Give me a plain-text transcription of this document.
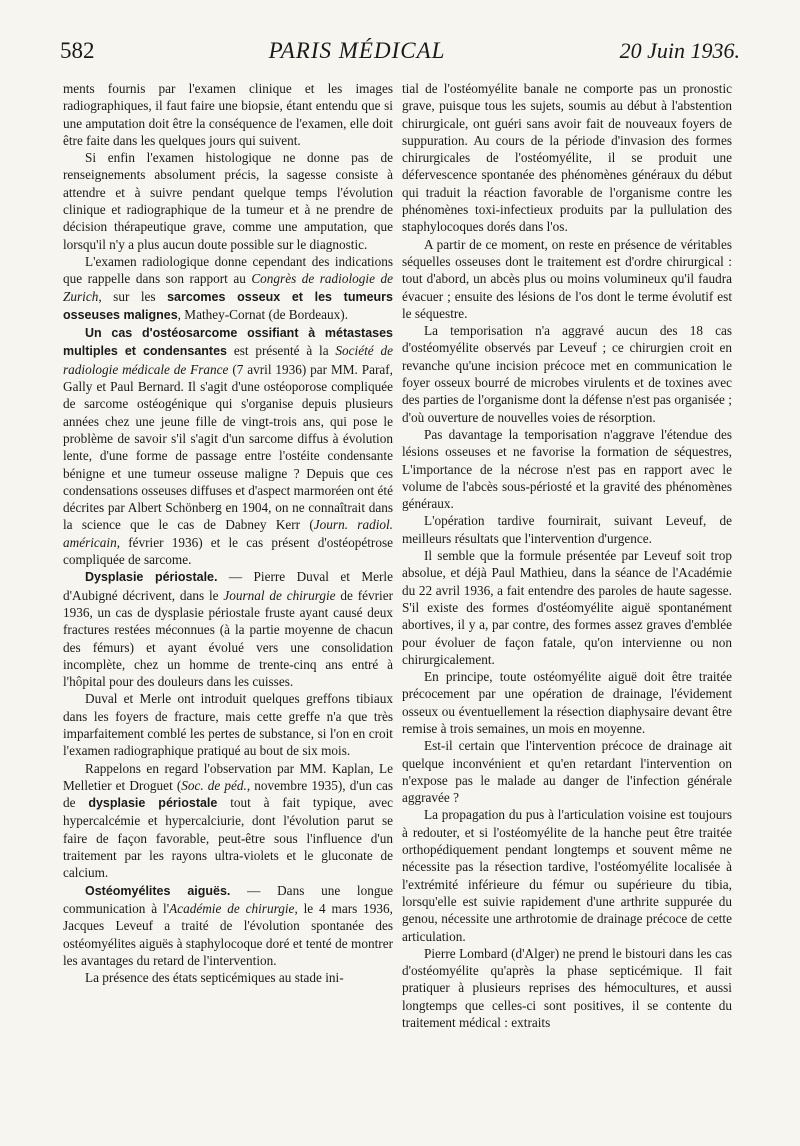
582	PARIS MÉDICAL	20 Juin 1936.

ments fournis par l'examen clinique et les images radiographiques, il faut faire une biopsie, étant entendu que si une amputation doit être la conséquence de l'examen, elle doit être faite dans les quelques jours qui suivent.

Si enfin l'examen histologique ne donne pas de renseignements absolument précis, la sagesse consiste à attendre et à suivre pendant quelque temps l'évolution clinique et radiographique de la tumeur et à ne prendre de décision thérapeutique grave, comme une amputation, que lorsqu'il n'y a plus aucun doute possible sur le diagnostic.

L'examen radiologique donne cependant des indications que rappelle dans son rapport au Congrès de radiologie de Zurich, sur les sarcomes osseux et les tumeurs osseuses malignes, Mathey-Cornat (de Bordeaux).

Un cas d'ostéosarcome ossifiant à métastases multiples et condensantes est présenté à la Société de radiologie médicale de France (7 avril 1936) par MM. Paraf, Gally et Paul Bernard. Il s'agit d'une ostéoporose compliquée de sarcome ostéogénique qui s'organise depuis plusieurs années chez une jeune fille de vingt-trois ans, qui pose le problème de savoir s'il s'agit d'un sarcome diffus à évolution lente, d'une forme de passage entre l'ostéite condensante bénigne et une tumeur osseuse maligne ? Depuis que ces condensations osseuses diffuses et d'aspect marmoréen ont été décrites par Albert Schönberg en 1904, on ne connaîtrait dans la science que le cas de Dabney Kerr (Journ. radiol. américain, février 1936) et le cas présent d'ostéopétrose compliquée de sarcome.

Dysplasie périostale. — Pierre Duval et Merle d'Aubigné décrivent, dans le Journal de chirurgie de février 1936, un cas de dysplasie périostale fruste ayant causé deux fractures restées méconnues (à la partie moyenne de chacun des fémurs) et ayant évolué vers une consolidation incomplète, chez un homme de trente-cinq ans entré à l'hôpital pour des douleurs dans les cuisses.

Duval et Merle ont introduit quelques greffons tibiaux dans les foyers de fracture, mais cette greffe n'a que très imparfaitement comblé les pertes de substance, si l'on en croit l'examen radiographique pratiqué au bout de six mois.

Rappelons en regard l'observation par MM. Kaplan, Le Melletier et Droguet (Soc. de péd., novembre 1935), d'un cas de dysplasie périostale tout à fait typique, avec hypercalcémie et hypercalciurie, dont l'évolution parut se faire de façon favorable, peut-être sous l'influence d'un traitement par les rayons ultra-violets et le gluconate de calcium.

Ostéomyélites aiguës. — Dans une longue communication à l'Académie de chirurgie, le 4 mars 1936, Jacques Leveuf a traité de l'évolution spontanée des ostéomyélites aiguës à staphylocoque doré et tenté de montrer les avantages du retard de l'intervention.

La présence des états septicémiques au stade ini-

tial de l'ostéomyélite banale ne comporte pas un pronostic grave, puisque tous les sujets, soumis au début à l'abstention chirurgicale, ont guéri sans avoir fait de nouveaux foyers de suppuration. Au cours de la période d'invasion des formes chirurgicales de l'ostéomyélite, il se produit une défervescence spontanée des phénomènes généraux du début qui traduit la réaction favorable de l'organisme contre les phénomènes toxi-infectieux produits par la pullulation des staphylocoques dorés dans l'os.

A partir de ce moment, on reste en présence de véritables séquelles osseuses dont le traitement est d'ordre chirurgical : tout d'abord, un abcès plus ou moins volumineux qu'il faudra évacuer ; ensuite des lésions de l'os dont le terme évolutif est le séquestre.

La temporisation n'a aggravé aucun des 18 cas d'ostéomyélite observés par Leveuf ; ce chirurgien croit en revanche qu'une incision précoce met en communication le foyer osseux bourré de microbes virulents et de toxines avec des parties de l'organisme dont la défense n'est pas organisée ; d'où ouverture de nouvelles voies de résorption.

Pas davantage la temporisation n'aggrave l'étendue des lésions osseuses et ne favorise la formation de séquestres, L'importance de la nécrose n'est pas en rapport avec le volume de l'abcès sous-périosté et la gravité des phénomènes généraux.

L'opération tardive fournirait, suivant Leveuf, de meilleurs résultats que l'intervention d'urgence.

Il semble que la formule présentée par Leveuf soit trop absolue, et déjà Paul Mathieu, dans la séance de l'Académie du 22 avril 1936, a fait entendre des paroles de haute sagesse. S'il existe des formes d'ostéomyélite aiguë spontanément abortives, il y a, par contre, des formes assez graves d'emblée pour évoluer de façon fatale, qu'on intervienne ou non chirurgicalement.

En principe, toute ostéomyélite aiguë doit être traitée précocement par une opération de drainage, l'évidement osseux ou éventuellement la résection diaphysaire devant être remise à trois semaines, un mois en moyenne.

Est-il certain que l'intervention précoce de drainage ait quelque inconvénient et qu'en retardant l'intervention on n'expose pas le malade au danger de l'infection générale aggravée ?

La propagation du pus à l'articulation voisine est toujours à redouter, et si l'ostéomyélite de la hanche peut être traitée orthopédiquement pendant longtemps et souvent même ne nécessite pas la résection tardive, l'ostéomyélite localisée à l'extrémité inférieure du fémur ou supérieure du tibia, lorsqu'elle est suivie rapidement d'une arthrite suppurée du genou, nécessite une arthrotomie de drainage précoce de cette articulation.

Pierre Lombard (d'Alger) ne prend le bistouri dans les cas d'ostéomyélite qu'après la phase septicémique. Il fait pratiquer à plusieurs reprises des hémocultures, et aussi longtemps que celles-ci sont positives, il se contente du traitement médical : extraits
